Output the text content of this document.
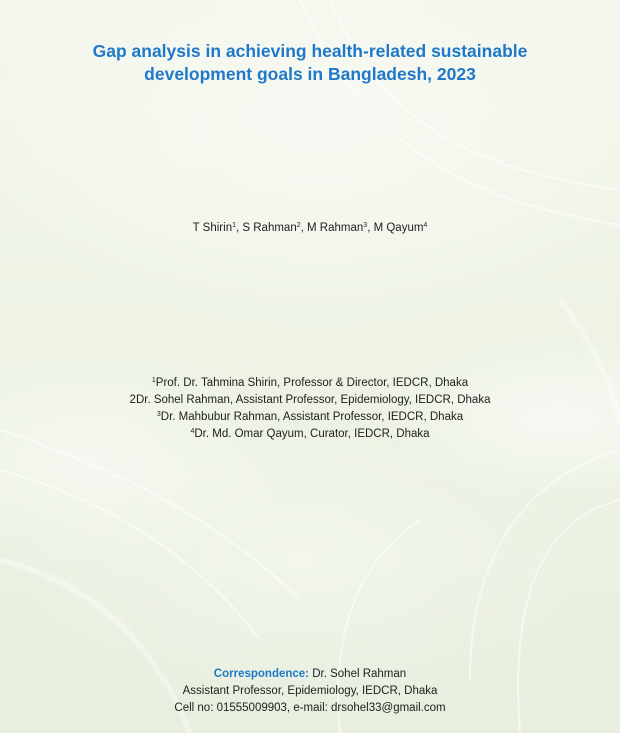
Gap analysis in achieving health-related sustainable
development goals in Bangladesh, 2023
T Shirin$^1$, S Rahman$^2$, M Rahman$^3$, M Qayum$^4$
$^1$Prof. Dr. Tahmina Shirin, Professor & Director, IEDCR, Dhaka
2Dr. Sohel Rahman, Assistant Professor, Epidemiology, IEDCR, Dhaka
$^3$Dr. Mahbubur Rahman, Assistant Professor, IEDCR, Dhaka
$^4$Dr. Md. Omar Qayum, Curator, IEDCR, Dhaka
Correspondence: Dr. Sohel Rahman
Assistant Professor, Epidemiology, IEDCR, Dhaka
Cell no: 01555009903, e-mail: drsohel33@gmail.com
